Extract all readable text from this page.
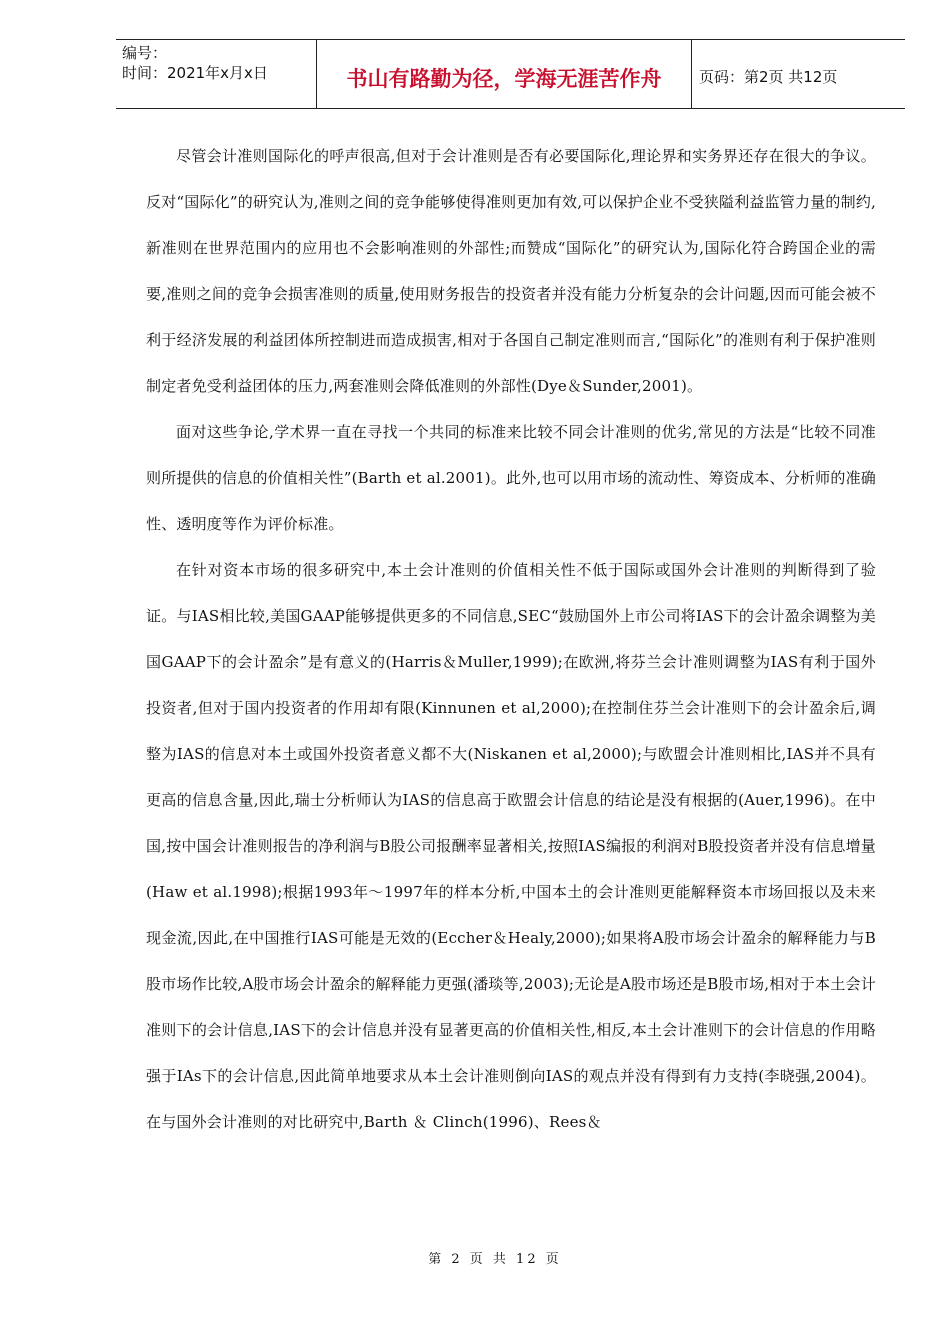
编号：
时间：2021年x月x日	书山有路勤为径，学海无涯苦作舟	页码：第2页 共12页

尽管会计准则国际化的呼声很高,但对于会计准则是否有必要国际化,理论界和实务界还存在很大的争议。反对“国际化”的研究认为,准则之间的竞争能够使得准则更加有效,可以保护企业不受狭隘利益监管力量的制约,新准则在世界范围内的应用也不会影响准则的外部性;而赞成“国际化”的研究认为,国际化符合跨国企业的需要,准则之间的竞争会损害准则的质量,使用财务报告的投资者并没有能力分析复杂的会计问题,因而可能会被不利于经济发展的利益团体所控制进而造成损害,相对于各国自己制定准则而言,“国际化”的准则有利于保护准则制定者免受利益团体的压力,两套准则会降低准则的外部性(Dye＆Sunder,2001)。

面对这些争论,学术界一直在寻找一个共同的标准来比较不同会计准则的优劣,常见的方法是“比较不同准则所提供的信息的价值相关性”(Barth et al.2001)。此外,也可以用市场的流动性、筹资成本、分析师的准确性、透明度等作为评价标准。

在针对资本市场的很多研究中,本土会计准则的价值相关性不低于国际或国外会计准则的判断得到了验证。与IAS相比较,美国GAAP能够提供更多的不同信息,SEC“鼓励国外上市公司将IAS下的会计盈余调整为美国GAAP下的会计盈余”是有意义的(Harris＆Muller,1999);在欧洲,将芬兰会计准则调整为IAS有利于国外投资者,但对于国内投资者的作用却有限(Kinnunen et al,2000);在控制住芬兰会计准则下的会计盈余后,调整为IAS的信息对本土或国外投资者意义都不大(Niskanen et al,2000);与欧盟会计准则相比,IAS并不具有更高的信息含量,因此,瑞士分析师认为IAS的信息高于欧盟会计信息的结论是没有根据的(Auer,1996)。在中国,按中国会计准则报告的净利润与B股公司报酬率显著相关,按照IAS编报的利润对B股投资者并没有信息增量(Haw et al.1998);根据1993年～1997年的样本分析,中国本土的会计准则更能解释资本市场回报以及未来现金流,因此,在中国推行IAS可能是无效的(Eccher＆Healy,2000);如果将A股市场会计盈余的解释能力与B股市场作比较,A股市场会计盈余的解释能力更强(潘琰等,2003);无论是A股市场还是B股市场,相对于本土会计准则下的会计信息,IAS下的会计信息并没有显著更高的价值相关性,相反,本土会计准则下的会计信息的作用略强于IAs下的会计信息,因此简单地要求从本土会计准则倒向IAS的观点并没有得到有力支持(李晓强,2004)。在与国外会计准则的对比研究中,Barth ＆ Clinch(1996)、Rees＆

第 2 页 共 12 页
